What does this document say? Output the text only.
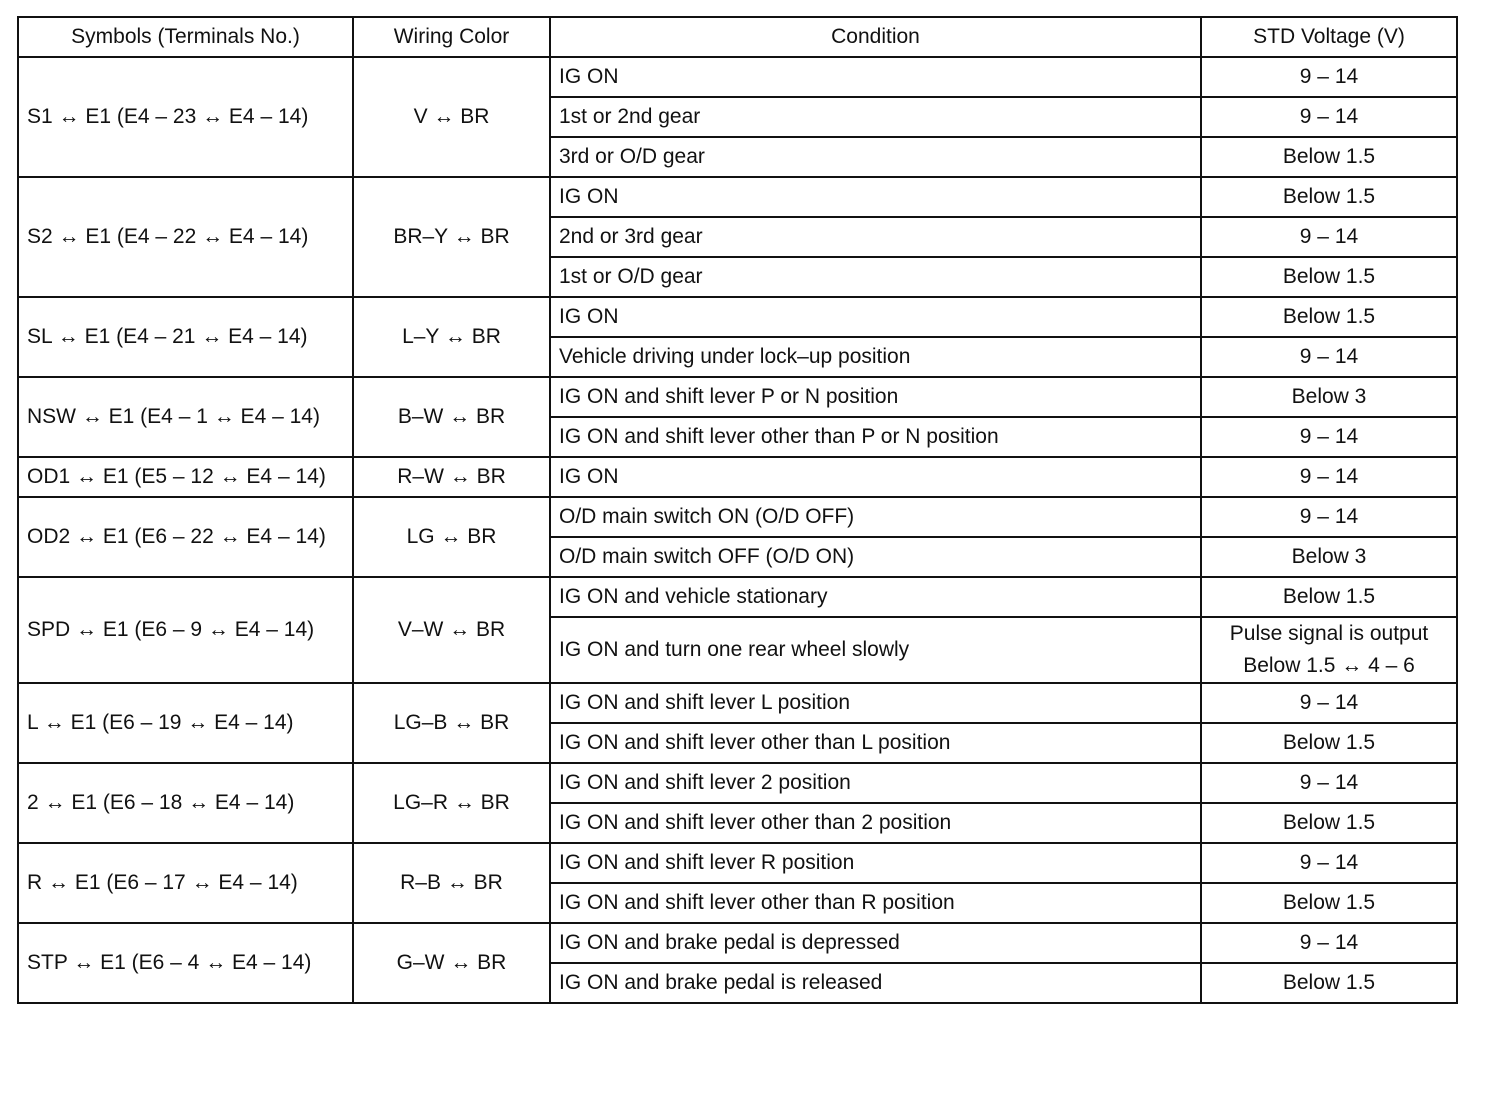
Symbols (Terminals No.)	Wiring Color	Condition	STD Voltage (V)
S1 ↔ E1 (E4 – 23 ↔ E4 – 14)	V ↔ BR	IG ON	9 – 14
		1st or 2nd gear	9 – 14
		3rd or O/D gear	Below 1.5
S2 ↔ E1 (E4 – 22 ↔ E4 – 14)	BR–Y ↔ BR	IG ON	Below 1.5
		2nd or 3rd gear	9 – 14
		1st or O/D gear	Below 1.5
SL ↔ E1 (E4 – 21 ↔ E4 – 14)	L–Y ↔ BR	IG ON	Below 1.5
		Vehicle driving under lock–up position	9 – 14
NSW ↔ E1 (E4 – 1 ↔ E4 – 14)	B–W ↔ BR	IG ON and shift lever P or N position	Below 3
		IG ON and shift lever other than P or N position	9 – 14
OD1 ↔ E1 (E5 – 12 ↔ E4 – 14)	R–W ↔ BR	IG ON	9 – 14
OD2 ↔ E1 (E6 – 22 ↔ E4 – 14)	LG ↔ BR	O/D main switch ON (O/D OFF)	9 – 14
		O/D main switch OFF (O/D ON)	Below 3
SPD ↔ E1 (E6 – 9 ↔ E4 – 14)	V–W ↔ BR	IG ON and vehicle stationary	Below 1.5
		IG ON and turn one rear wheel slowly	Pulse signal is output
Below 1.5 ↔ 4 – 6

L ↔ E1 (E6 – 19 ↔ E4 – 14)	LG–B ↔ BR	IG ON and shift lever L position	9 – 14
		IG ON and shift lever other than L position	Below 1.5
2 ↔ E1 (E6 – 18 ↔ E4 – 14)	LG–R ↔ BR	IG ON and shift lever 2 position	9 – 14
		IG ON and shift lever other than 2 position	Below 1.5
R ↔ E1 (E6 – 17 ↔ E4 – 14)	R–B ↔ BR	IG ON and shift lever R position	9 – 14
		IG ON and shift lever other than R position	Below 1.5
STP ↔ E1 (E6 – 4 ↔ E4 – 14)	G–W ↔ BR	IG ON and brake pedal is depressed	9 – 14
		IG ON and brake pedal is released	Below 1.5
